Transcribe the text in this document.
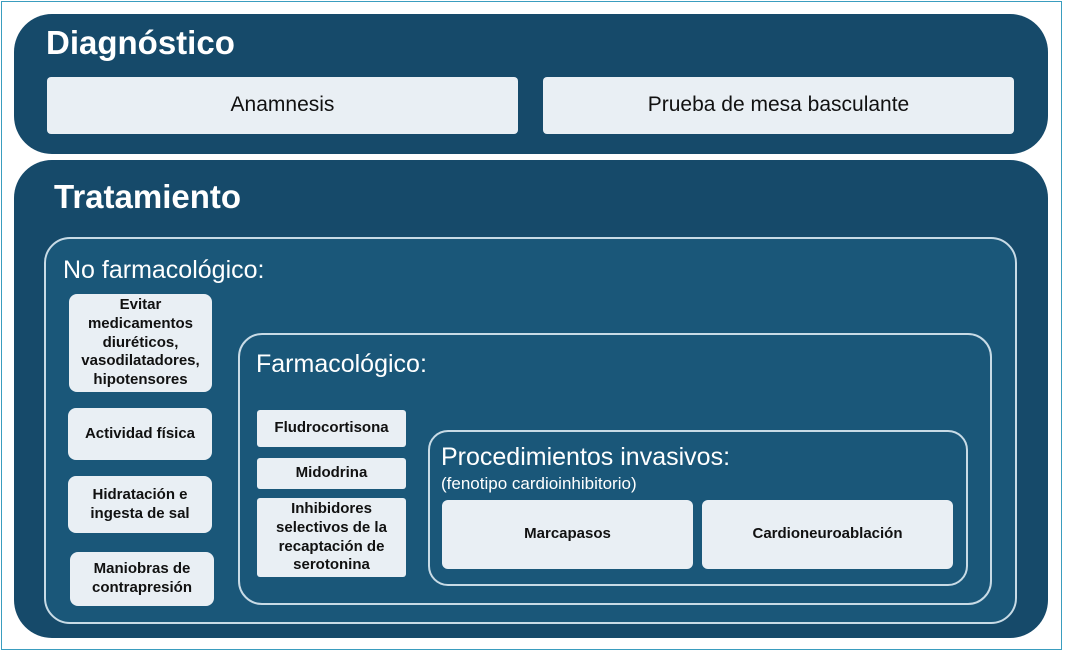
Diagnóstico
Anamnesis	Prueba de mesa basculante
Tratamiento
No farmacológico:
Evitar medicamentos diuréticos, vasodilatadores, hipotensores
Actividad física
Hidratación e ingesta de sal
Maniobras de contrapresión
Farmacológico:
Fludrocortisona
Midodrina
Inhibidores selectivos de la recaptación de serotonina
Procedimientos invasivos:
(fenotipo cardioinhibitorio)
Marcapasos	Cardioneuroablación
